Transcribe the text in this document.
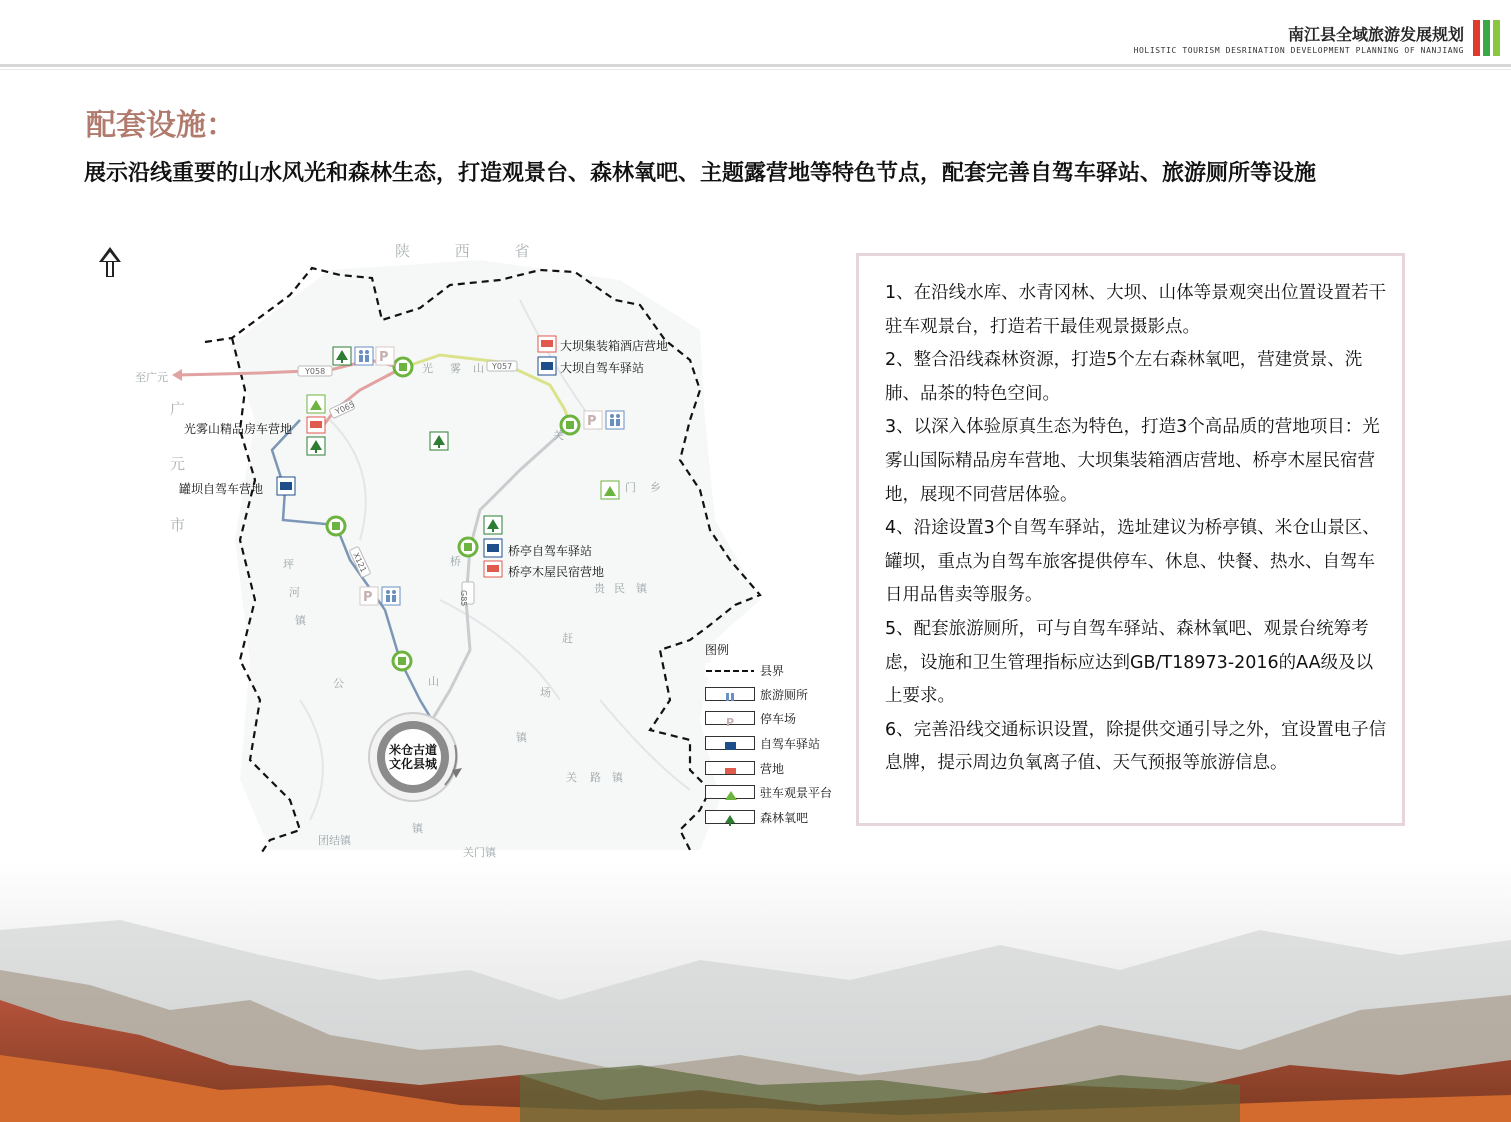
南江县全域旅游发展规划
HOLISTIC TOURISM DESRINATION DEVELOPMENT PLANNING OF NANJIANG
配套设施：
展示沿线重要的山水风光和森林生态，打造观景台、森林氧吧、主题露营地等特色节点，配套完善自驾车驿站、旅游厕所等设施
Y058
Y057
Y065
X121
G85
P
P
P
陕 西 省
广
元
市
至广元
光 雾 山
关
门 乡
坪
河
镇
桥
贵 民 镇
赶
场
公	山
镇
关 路 镇
团结镇
镇
关门镇
大坝集装箱酒店营地
大坝自驾车驿站
光雾山精品房车营地
罐坝自驾车营地
桥亭自驾车驿站
桥亭木屋民宿营地
米仓古道
文化县城
图例
县界
旅游厕所
P 停车场
自驾车驿站
营地
驻车观景平台
森林氧吧

1、在沿线水库、水青冈林、大坝、山体等景观突出位置设置若干驻车观景台，打造若干最佳观景摄影点。

2、整合沿线森林资源，打造5个左右森林氧吧，营建赏景、洗肺、品茶的特色空间。

3、以深入体验原真生态为特色，打造3个高品质的营地项目：光雾山国际精品房车营地、大坝集装箱酒店营地、桥亭木屋民宿营地，展现不同营居体验。

4、沿途设置3个自驾车驿站，选址建议为桥亭镇、米仓山景区、罐坝，重点为自驾车旅客提供停车、休息、快餐、热水、自驾车日用品售卖等服务。

5、配套旅游厕所，可与自驾车驿站、森林氧吧、观景台统筹考虑，设施和卫生管理指标应达到GB/T18973-2016的AA级及以上要求。

6、完善沿线交通标识设置，除提供交通引导之外，宜设置电子信息牌，提示周边负氧离子值、天气预报等旅游信息。
